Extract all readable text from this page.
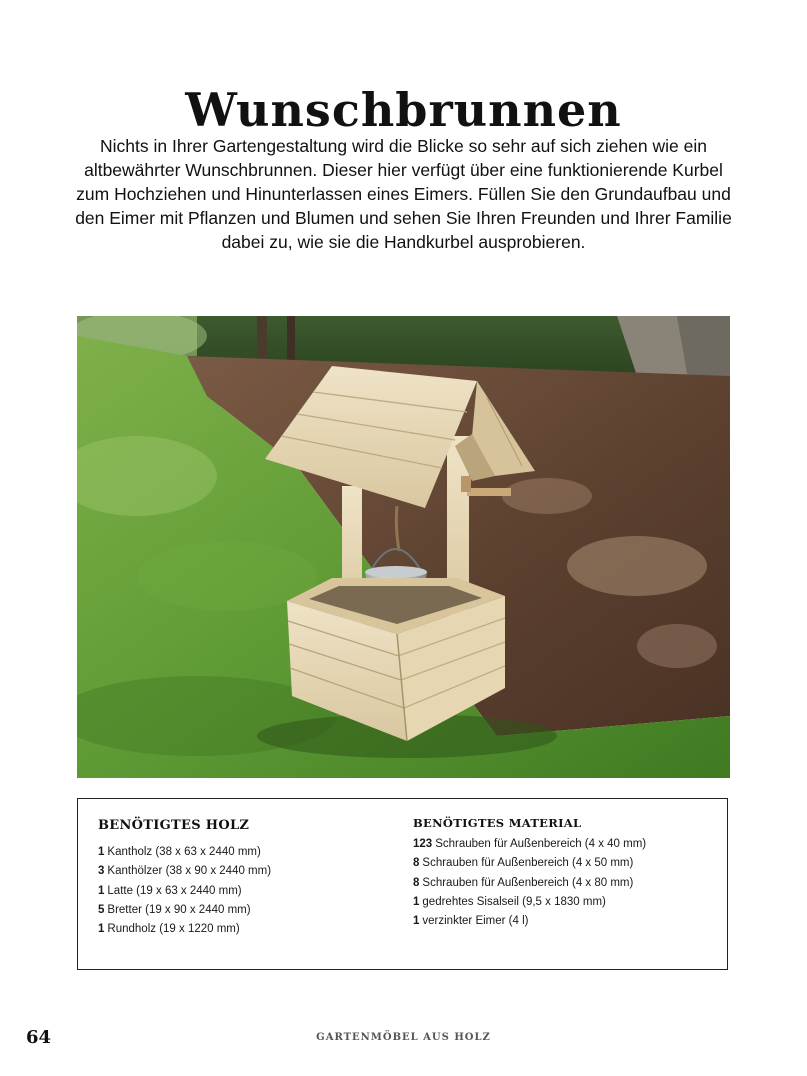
Wunschbrunnen

Nichts in Ihrer Gartengestaltung wird die Blicke so sehr auf sich ziehen wie ein altbewährter Wunschbrunnen. Dieser hier verfügt über eine funktionierende Kurbel zum Hochziehen und Hinunterlassen eines Eimers. Füllen Sie den Grundaufbau und den Eimer mit Pflanzen und Blumen und sehen Sie Ihren Freunden und Ihrer Familie dabei zu, wie sie die Handkurbel ausprobieren.

BENÖTIGTES HOLZ
1 Kantholz (38 x 63 x 2440 mm)
3 Kanthölzer (38 x 90 x 2440 mm)
1 Latte (19 x 63 x 2440 mm)
5 Bretter (19 x 90 x 2440 mm)
1 Rundholz (19 x 1220 mm)
BENÖTIGTES MATERIAL
123 Schrauben für Außenbereich (4 x 40 mm)
8 Schrauben für Außenbereich (4 x 50 mm)
8 Schrauben für Außenbereich (4 x 80 mm)
1 gedrehtes Sisalseil (9,5 x 1830 mm)
1 verzinkter Eimer (4 l)
64	GARTENMÖBEL AUS HOLZ
